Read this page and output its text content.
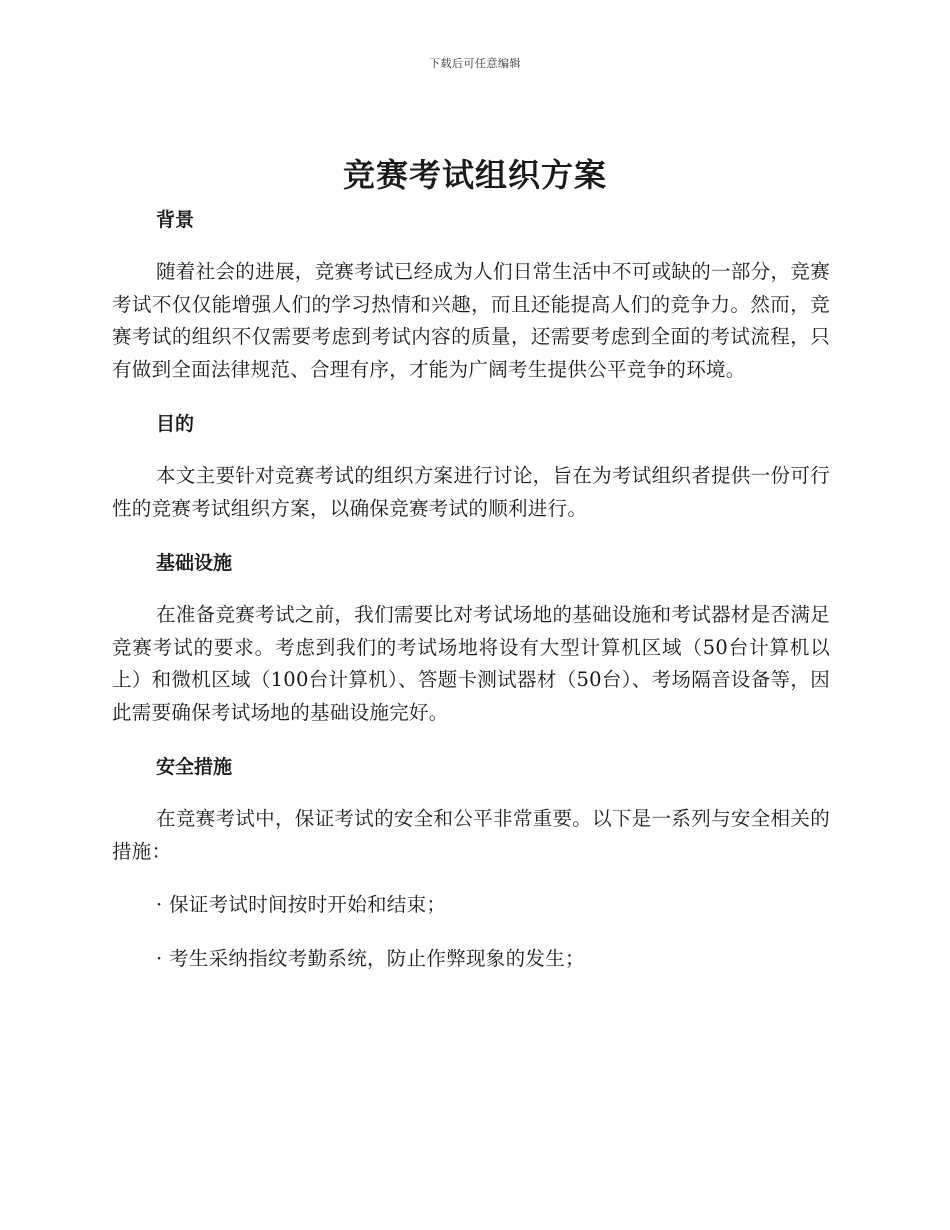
下载后可任意编辑
竞赛考试组织方案
背景

随着社会的进展，竞赛考试已经成为人们日常生活中不可或缺的一部分，竞赛考试不仅仅能增强人们的学习热情和兴趣，而且还能提高人们的竞争力。然而，竞赛考试的组织不仅需要考虑到考试内容的质量，还需要考虑到全面的考试流程，只有做到全面法律规范、合理有序，才能为广阔考生提供公平竞争的环境。

目的

本文主要针对竞赛考试的组织方案进行讨论，旨在为考试组织者提供一份可行性的竞赛考试组织方案，以确保竞赛考试的顺利进行。

基础设施

在准备竞赛考试之前，我们需要比对考试场地的基础设施和考试器材是否满足竞赛考试的要求。考虑到我们的考试场地将设有大型计算机区域（50台计算机以上）和微机区域（100台计算机）、答题卡测试器材（50台）、考场隔音设备等，因此需要确保考试场地的基础设施完好。

安全措施

在竞赛考试中，保证考试的安全和公平非常重要。以下是一系列与安全相关的措施：

· 保证考试时间按时开始和结束；

· 考生采纳指纹考勤系统，防止作弊现象的发生；
